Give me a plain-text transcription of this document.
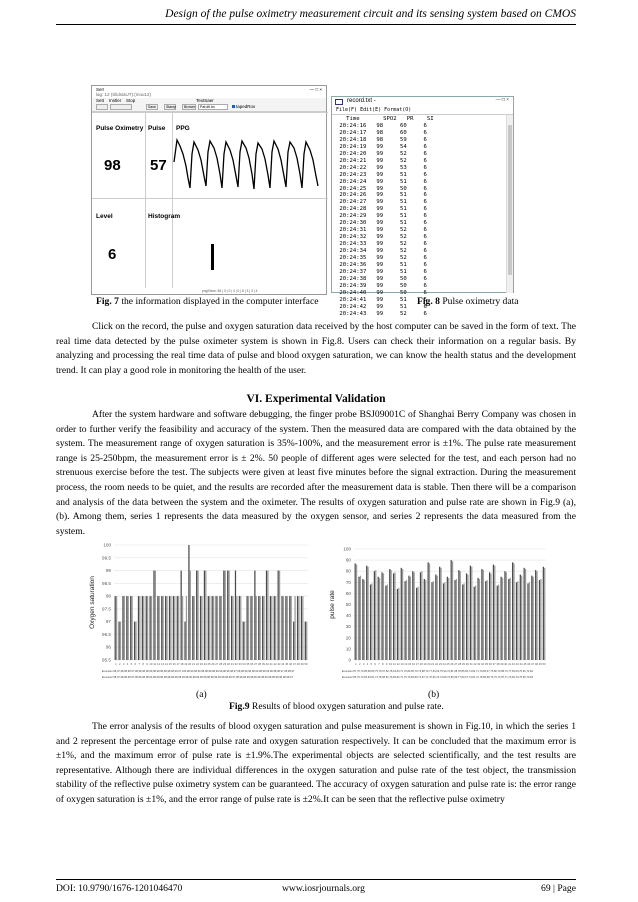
Design of the pulse oximetry measurement circuit and its sensing system based on CMOS
Ser!
lag: 12 (SlidsiaUT):(mou12)
— □ ×
Sett Instler Stop	TextSaer
Save	Stamp	Brower	Pat:dtl.txt	tapedRov
Pulse Oximetry Pulse PPG
98 57
Level	Histogram
6
pngShow: 84 | 3 | 0 | 4 | 0 | 8 | 3 | 3 | 4
record.txt -	— □ ×
File(F) Edit(E) Format(O)
Time       SPO2   PR    SI
20:24:16   98     60     6
20:24:17   98     60     6
20:24:18   98     59     6
20:24:19   99     54     6
20:24:20   99     52     6
20:24:21   99     52     6
20:24:22   99     53     6
20:24:23   99     51     6
20:24:24   99     51     6
20:24:25   99     50     6
20:24:26   99     51     6
20:24:27   99     51     6
20:24:28   99     51     6
20:24:29   99     51     6
20:24:30   99     51     6
20:24:31   99     52     6
20:24:32   99     52     6
20:24:33   99     52     6
20:24:34   99     52     6
20:24:35   99     52     6
20:24:36   99     51     6
20:24:37   99     51     6
20:24:38   99     50     6
20:24:39   99     50     6
20:24:40   99     50     6
20:24:41   99     51     6
20:24:42   99     51     6
20:24:43   99     52     6
Fig. 7 the information displayed in the computer interface	Fig. 8 Pulse oximetry data
Click on the record, the pulse and oxygen saturation data received by the host computer can be saved in the form of text. The real time data detected by the pulse oximeter system is shown in Fig.8. Users can check their information on a regular basis. By analyzing and processing the real time data of pulse and blood oxygen saturation, we can know the health status and the development trend. It can play a good role in monitoring the health of the user.
VI. Experimental Validation
After the system hardware and software debugging, the finger probe BSJ09001C of Shanghai Berry Company was chosen in order to further verify the feasibility and accuracy of the system. Then the measured data are compared with the data obtained by the system. The measurement range of oxygen saturation is 35%-100%, and the measurement error is ±1%. The pulse rate measurement range is 25-250bpm, the measurement error is ± 2%. 50 people of different ages were selected for the test, and each person had no strenuous exercise before the test. The subjects were given at least five minutes before the signal extraction. During the measurement process, the room needs to be quiet, and the results are recorded after the measurement data is stable. Then there will be a comparison and analysis of the data between the system and the oximeter. The results of oxygen saturation and pulse rate are shown in Fig.9 (a), (b). Among them, series 1 represents the data measured by the oxygen sensor, and series 2 represents the data measured from the system.
100
99.5
99
98.5
98
97.5
97
96.5
96
95.5
Oxygen saturation
1 2 3 4 5 6 7 8 9 10 11 12 13 14 15 16 17 18 19 20 21 22 23 24 25 26 27 28 29 30 31 32 33 34 35 36 37 38 39 40 41 42 43 44 45 46 47 48 49 50
■ series1 98,97,98,98,98,97,98,98,98,98,99,98,98,98,98,98,98,99,97,100,98,99,98,99,98,98,98,98,99,99,98,99,98,97,98,98,99,98,98,99,98,98,99,98,98,98,97,98,98,97
■ series2 98,97,98,98,98,97,98,98,98,98,99,98,98,98,98,98,98,98,98,99,98,99,98,99,98,98,98,98,99,99,98,98,98,97,98,98,98,98,98,99,98,98,99,98,98,98,98,98,98,97
100
90
80
70
60
50
40
30
20
10
0
pulse rate
1 2 3 4 5 6 7 8 9 10 11 12 13 14 15 16 17 18 19 20 21 22 23 24 25 26 27 28 29 30 31 32 33 34 35 36 37 38 39 40 41 42 43 44 45 46 47 48 49 50
■ series1 87,75,73,85,68,80,75,79,67,82,78,64,83,71,76,80,65,79,73,88,70,77,84,69,75,90,72,81,68,78,85,66,74,82,71,79,86,67,75,80,73,88,70,77,83,69,76,81,72,84
■ series2 86,76,72,84,69,81,74,78,68,81,79,65,82,72,75,79,66,80,72,87,71,76,83,70,74,89,73,80,69,77,84,67,73,81,72,78,85,68,74,79,74,87,71,76,82,70,75,80,73,83
(a)	(b)
Fig.9 Results of blood oxygen saturation and pulse rate.
The error analysis of the results of blood oxygen saturation and pulse measurement is shown in Fig.10, in which the series 1 and 2 represent the percentage error of pulse rate and oxygen saturation respectively. It can be concluded that the maximum error is ±1%, and the maximum error of pulse rate is ±1.9%.The experimental objects are selected scientifically, and the test results are representative. Although there are individual differences in the oxygen saturation and pulse rate of the test object, the transmission stability of the reflective pulse oximetry system can be guaranteed. The accuracy of oxygen saturation and pulse rate is: the error range of oxygen saturation is ±1%, and the error range of pulse rate is ±2%.It can be seen that the reflective pulse oximetry
DOI: 10.9790/1676-1201046470	www.iosrjournals.org	69 | Page
